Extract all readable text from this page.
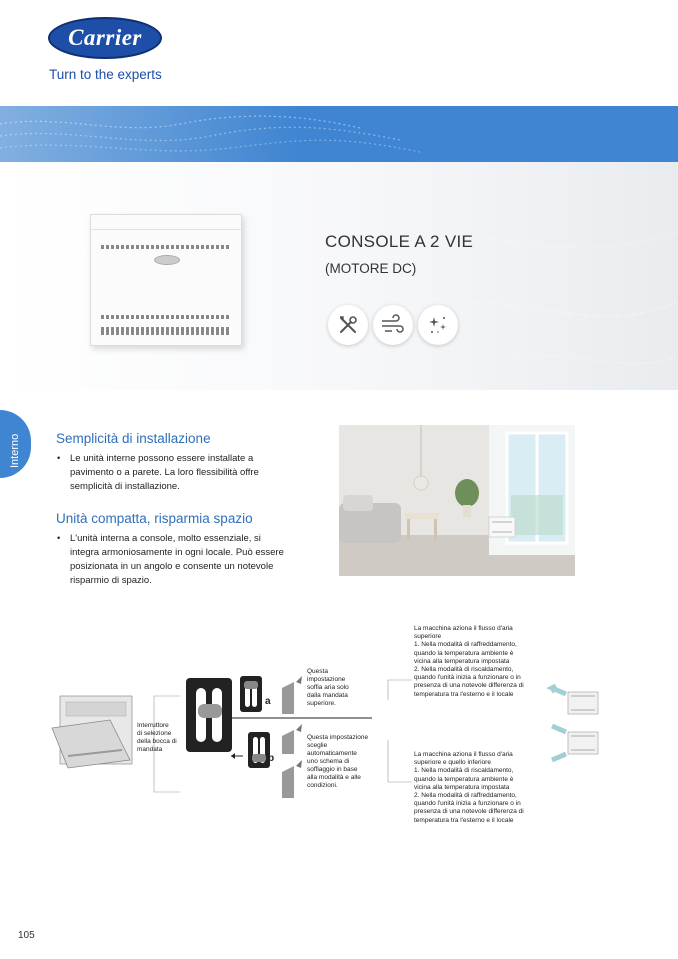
Carrier
Turn to the experts
CONSOLE A 2 VIE
(MOTORE DC)
Interno	Semplicità di installazione
• Le unità interne possono essere installate a
pavimento o a parete. La loro flessibilità offre
semplicità di installazione.
Unità compatta, risparmia spazio
• L'unità interna a console, molto essenziale, si
integra armoniosamente in ogni locale. Può essere
posizionata in un angolo e consente un notevole
risparmio di spazio.
Interruttore
di selezione
della bocca di
mandata
a
b
Questa
impostazione
soffia aria solo
dalla mandata
superiore.
Questa impostazione
sceglie
automaticamente
uno schema di
soffiaggio in base
alla modalità e alle
condizioni.
La macchina aziona il flusso d'aria
superiore
1. Nella modalità di raffreddamento,
quando la temperatura ambiente è
vicina alla temperatura impostata
2. Nella modalità di riscaldamento,
quando l'unità inizia a funzionare o in
presenza di una notevole differenza di
temperatura tra l'esterno e il locale
La macchina aziona il flusso d'aria
superiore e quello inferiore
1. Nella modalità di riscaldamento,
quando la temperatura ambiente è
vicina alla temperatura impostata
2. Nella modalità di raffreddamento,
quando l'unità inizia a funzionare o in
presenza di una notevole differenza di
temperatura tra l'esterno e il locale
105
